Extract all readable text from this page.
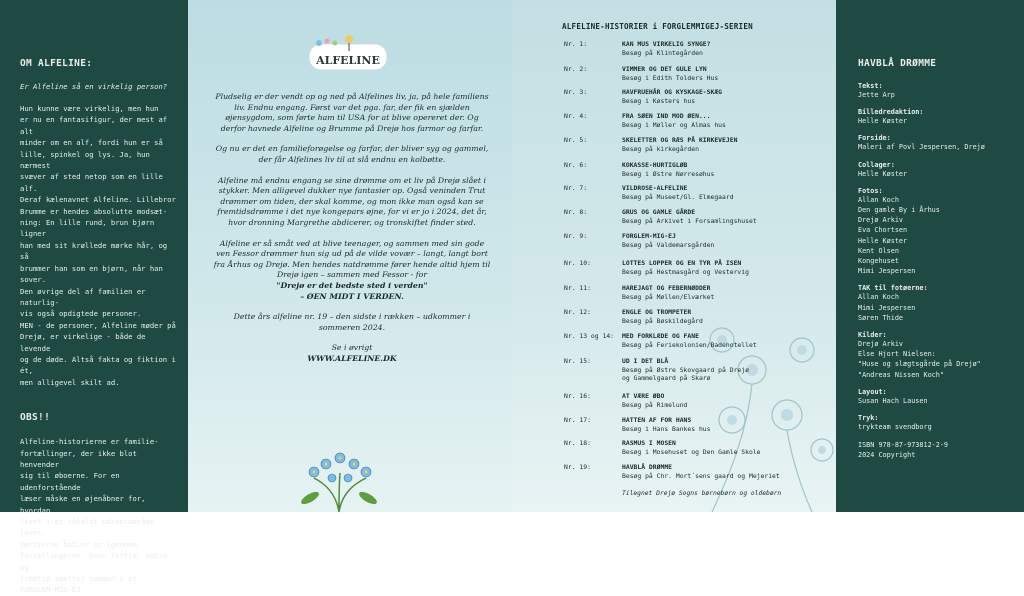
OM ALFELINE:
Er Alfeline så en virkelig person?
Hun kunne være virkelig, men hun
er nu en fantasifigur, der mest af alt
minder om en alf, fordi hun er så
lille, spinkel og lys. Ja, hun nærmest
svæver af sted netop som en lille alf.
Deraf kælenavnet Alfeline. Lillebror
Brumme er hendes absolutte modsæt-
ning: En lille rund, brun bjørn ligner
han med sit krøllede mørke hår, og så
brummer han som en bjørn, når han
sover.
Den øvrige del af familien er naturlig-
vis også opdigtede personer.
MEN - de personer, Alfeline møder på
Drejø, er virkelige - både de levende
og de døde. Altså fakta og fiktion i ét,
men alligevel skilt ad.
OBS!!
Alfeline-historierne er familie-
fortællinger, der ikke blot henvender
sig til øboerne. For en udenforstående
læser måske en øjenåbner for, hvordan
livet i et såkaldt udkantområde leves.
Værdierne bobler op igennem
fortællingerne, hvor fortid, nutid og
fremtid smelter sammen i et
FORGLEM-MIG-EJ.
ALFELINE

Pludselig er der vendt op og ned på Alfelines liv, ja, på hele familiens liv. Endnu engang. Først var det pga. far, der fik en sjælden øjensygdom, som førte ham til USA for at blive opereret der. Og derfor havnede Alfeline og Brumme på Drejø hos farmor og farfar.

Og nu er det en familieforøgelse og farfar, der bliver syg og gammel, der får Alfelines liv til at slå endnu en kolbøtte.

Alfeline må endnu engang se sine drømme om et liv på Drejø slået i stykker. Men alligevel dukker nye fantasier op. Også veninden Trut drømmer om tiden, der skal komme, og mon ikke man også kan se fremtidsdrømme i det nye kongepars øjne, for vi er jo i 2024, det år, hvor dronning Margrethe abdicerer, og tronskiftet finder sted.

Alfeline er så småt ved at blive teenager, og sammen med sin gode ven Fessor drømmer hun sig ud på de vilde vovær – langt, langt bort fra Århus og Drejø. Men hendes natdrømme fører hende altid hjem til Drejø igen – sammen med Fessor - for
"Drejø er det bedste sted i verden"
– ØEN MIDT I VERDEN.

Dette års alfeline nr. 19 – den sidste i rækken – udkommer i sommeren 2024.

Se i øvrigt
WWW.ALFELINE.DK

ALFELINE-HISTORIER i FORGLEMMIGEJ-SERIEN
Nr. 1:	KAN MUS VIRKELIG SYNGE?
Besøg på Klintegården
Nr. 2:	VIMMER OG DET GULE LYN
Besøg i Edith Tolders Hus
Nr. 3:	HAVFRUEHÅR OG KYSKAGE-SKÆG
Besøg i Køsters hus
Nr. 4:	FRA SØEN IND MOD ØEN...
Besøg i Møller og Almas hus
Nr. 5:	SKELETTER OG RÆS PÅ KIRKEVEJEN
Besøg på kirkegården
Nr. 6:	KOKASSE-HURTIGLØB
Besøg i Østre Nørresøhus
Nr. 7:	VILDROSE-ALFELINE
Besøg på Museet/Gl. Elmegaard
Nr. 8:	GRUS OG GAMLE GÅRDE
Besøg på Arkivet i Forsamlingshuset
Nr. 9:	FORGLEM-MIG-EJ
Besøg på Valdemarsgården
Nr. 10:	LOTTES LOPPER OG EN TYR PÅ ISEN
Besøg på Hestmasgård og Vestervig
Nr. 11:	HAREJAGT OG FEBERNØDDER
Besøg på Møllen/Elværket
Nr. 12:	ENGLE OG TROMPETER
Besøg på Bøskildegård
Nr. 13 og 14:	MED FORKLÆDE OG FANE
Besøg på Feriekolonien/Badehotellet
Nr. 15:	UD I DET BLÅ
Besøg på Østre Skovgaard på Drejø
og Gammelgaard på Skarø
Nr. 16:	AT VÆRE ØBO
Besøg på Rimelund
Nr. 17:	HATTEN AF FOR HANS
Besøg i Hans Bankes hus
Nr. 18:	RASMUS I MOSEN
Besøg i Mosehuset og Den Gamle Skole
Nr. 19:	HAVBLÅ DRØMME
Besøg på Chr. Mort´sens gaard og Mejeriet
Tilegnet Drejø Sogns børnebørn og oldebørn
HAVBLÅ DRØMME
Tekst:
Jette Arp
Billedredaktion:
Helle Køster
Forside:
Maleri af Povl Jespersen, Drejø
Collager:
Helle Køster
Fotos:
Allan Koch
Den gamle By i Århus
Drejø Arkiv
Eva Chortsen
Helle Køster
Kent Olsen
Kongehuset
Mimi Jespersen
TAK til fotøerne:
Allan Koch
Mimi Jespersen
Søren Thide
Kilder:
Drejø Arkiv
Else Hjort Nielsen:
"Huse og slægtsgårde på Drejø"
"Andreas Nissen Koch"
Layout:
Susan Hach Lausen
Tryk:
trykteam svendborg
ISBN 978-87-973812-2-9
2024 Copyright
